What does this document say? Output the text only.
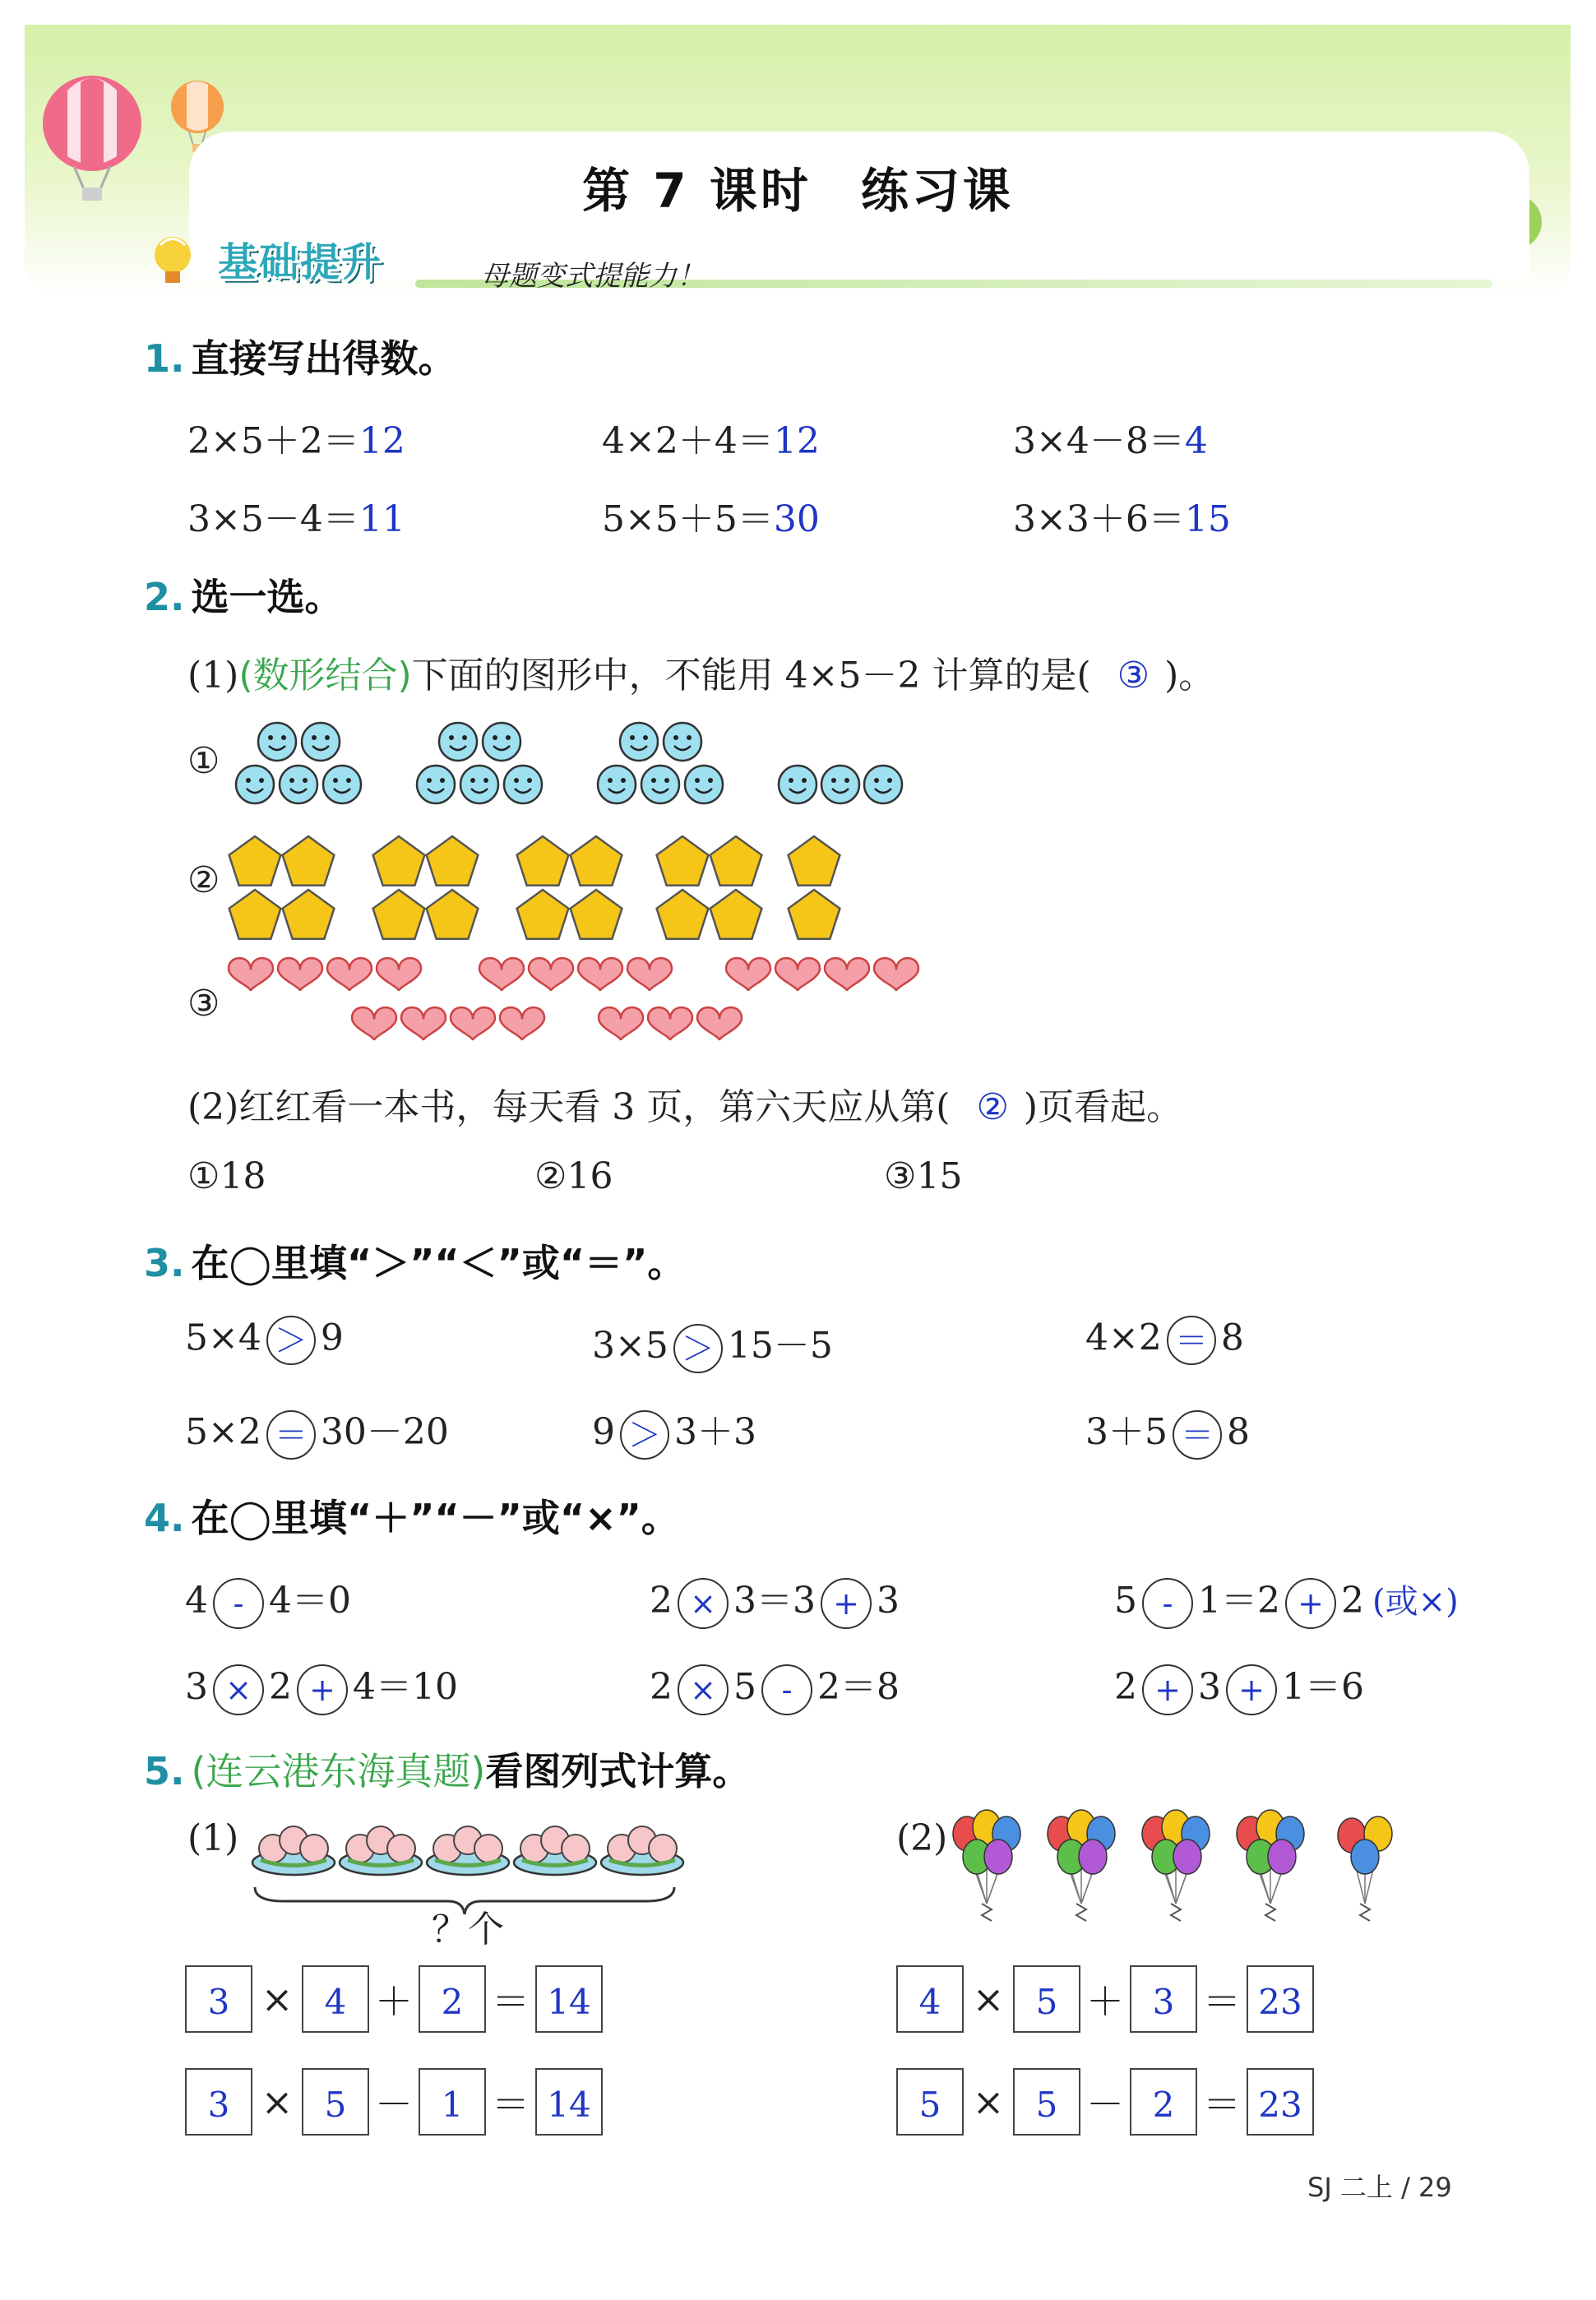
第 7 课时 练习课
基础提升	母题变式提能力！
1. 直接写出得数。
2×5＋2＝12	4×2＋4＝12	3×4－8＝4
3×5－4＝11	5×5＋5＝30	3×3＋6＝15
2. 选一选。
(1)(数形结合)下面的图形中，不能用 4×5－2 计算的是( ③ )。
①
②
③
(2)红红看一本书，每天看 3 页，第六天应从第( ② )页看起。
①18	②16	③15
3. 在◯里填“＞”“＜”或“＝”。
5×4 ＞ 9	3×5 ＞ 15－5	4×2 ＝ 8
5×2 ＝ 30－20	9 ＞ 3＋3	3＋5 ＝ 8
4. 在◯里填“＋”“－”或“×”。
4 - 4＝0	2 × 3＝3 + 3	5 - 1＝2 + 2 (或×)
3 × 2 + 4＝10	2 × 5 - 2＝8	2 + 3 + 1＝6
5. (连云港东海真题)看图列式计算。
(1)
？个
(2)
3 × 4 ＋ 2 ＝ 14
3 × 5 － 1 ＝ 14
4 × 5 ＋ 3 ＝ 23
5 × 5 － 2 ＝ 23
SJ 二上 / 29
